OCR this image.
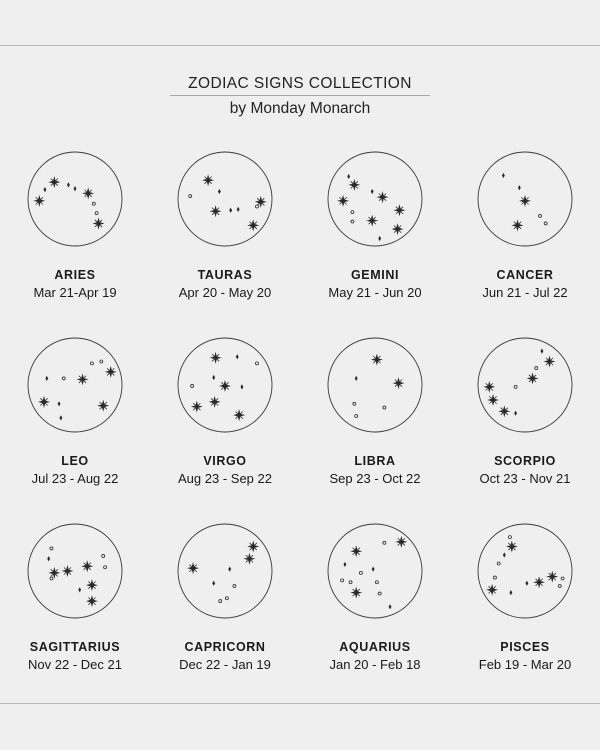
ZODIAC SIGNS COLLECTION
by Monday Monarch
ARIES
Mar 21-Apr 19
TAURAS
Apr 20 - May 20
GEMINI
May 21 - Jun 20
CANCER
Jun 21 - Jul 22
LEO
Jul 23 - Aug 22
VIRGO
Aug 23 - Sep 22
LIBRA
Sep 23 - Oct 22
SCORPIO
Oct 23 - Nov 21
SAGITTARIUS
Nov 22 - Dec 21
CAPRICORN
Dec 22 - Jan 19
AQUARIUS
Jan 20 - Feb 18
PISCES
Feb 19 - Mar 20
